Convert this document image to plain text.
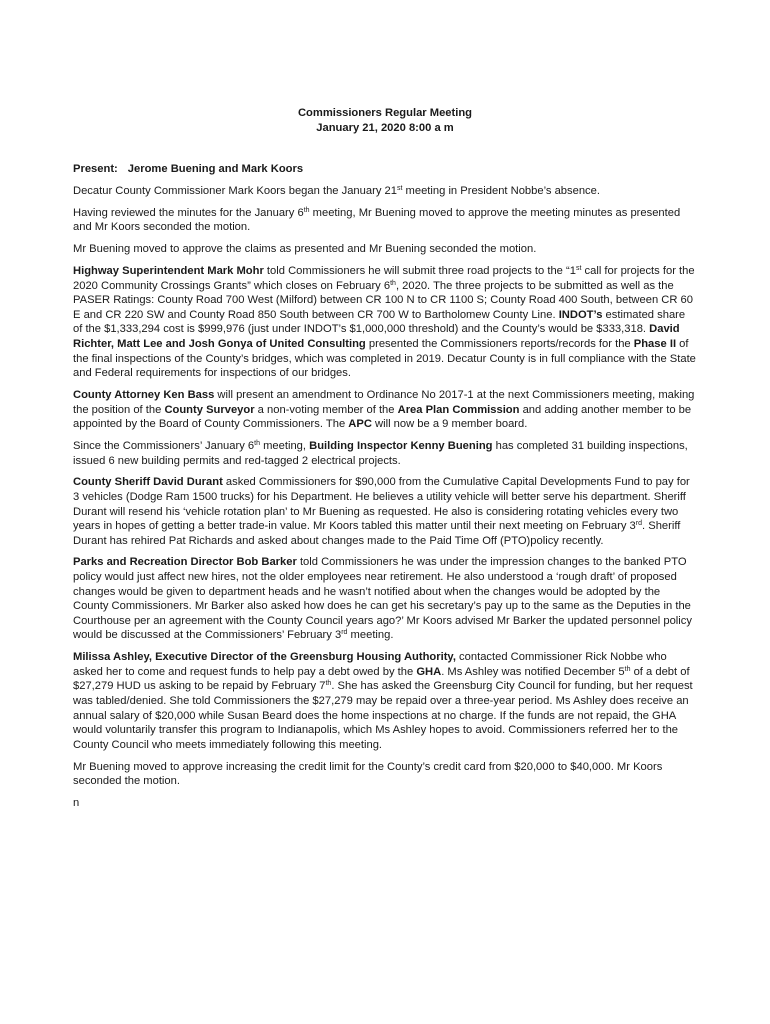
Commissioners Regular Meeting
January 21, 2020 8:00 a m
Present: Jerome Buening and Mark Koors

Decatur County Commissioner Mark Koors began the January 21st meeting in President Nobbe’s absence.

Having reviewed the minutes for the January 6th meeting, Mr Buening moved to approve the meeting minutes as presented and Mr Koors seconded the motion.

Mr Buening moved to approve the claims as presented and Mr Buening seconded the motion.

Highway Superintendent Mark Mohr told Commissioners he will submit three road projects to the “1st call for projects for the 2020 Community Crossings Grants” which closes on February 6th, 2020. The three projects to be submitted as well as the PASER Ratings: County Road 700 West (Milford) between CR 100 N to CR 1100 S; County Road 400 South, between CR 60 E and CR 220 SW and County Road 850 South between CR 700 W to Bartholomew County Line. INDOT’s estimated share of the $1,333,294 cost is $999,976 (just under INDOT’s $1,000,000 threshold) and the County’s would be $333,318. David Richter, Matt Lee and Josh Gonya of United Consulting presented the Commissioners reports/records for the Phase II of the final inspections of the County’s bridges, which was completed in 2019. Decatur County is in full compliance with the State and Federal requirements for inspections of our bridges.

County Attorney Ken Bass will present an amendment to Ordinance No 2017-1 at the next Commissioners meeting, making the position of the County Surveyor a non-voting member of the Area Plan Commission and adding another member to be appointed by the Board of County Commissioners. The APC will now be a 9 member board.

Since the Commissioners’ January 6th meeting, Building Inspector Kenny Buening has completed 31 building inspections, issued 6 new building permits and red-tagged 2 electrical projects.

County Sheriff David Durant asked Commissioners for $90,000 from the Cumulative Capital Developments Fund to pay for 3 vehicles (Dodge Ram 1500 trucks) for his Department. He believes a utility vehicle will better serve his department. Sheriff Durant will resend his ‘vehicle rotation plan’ to Mr Buening as requested. He also is considering rotating vehicles every two years in hopes of getting a better trade-in value. Mr Koors tabled this matter until their next meeting on February 3rd. Sheriff Durant has rehired Pat Richards and asked about changes made to the Paid Time Off (PTO)policy recently.

Parks and Recreation Director Bob Barker told Commissioners he was under the impression changes to the banked PTO policy would just affect new hires, not the older employees near retirement. He also understood a ‘rough draft’ of proposed changes would be given to department heads and he wasn’t notified about when the changes would be adopted by the County Commissioners. Mr Barker also asked how does he can get his secretary’s pay up to the same as the Deputies in the Courthouse per an agreement with the County Council years ago?’ Mr Koors advised Mr Barker the updated personnel policy would be discussed at the Commissioners’ February 3rd meeting.

Milissa Ashley, Executive Director of the Greensburg Housing Authority, contacted Commissioner Rick Nobbe who asked her to come and request funds to help pay a debt owed by the GHA. Ms Ashley was notified December 5th of a debt of $27,279 HUD us asking to be repaid by February 7th. She has asked the Greensburg City Council for funding, but her request was tabled/denied. She told Commissioners the $27,279 may be repaid over a three-year period. Ms Ashley does receive an annual salary of $20,000 while Susan Beard does the home inspections at no charge. If the funds are not repaid, the GHA would voluntarily transfer this program to Indianapolis, which Ms Ashley hopes to avoid. Commissioners referred her to the County Council who meets immediately following this meeting.

Mr Buening moved to approve increasing the credit limit for the County’s credit card from $20,000 to $40,000. Mr Koors seconded the motion.

n
